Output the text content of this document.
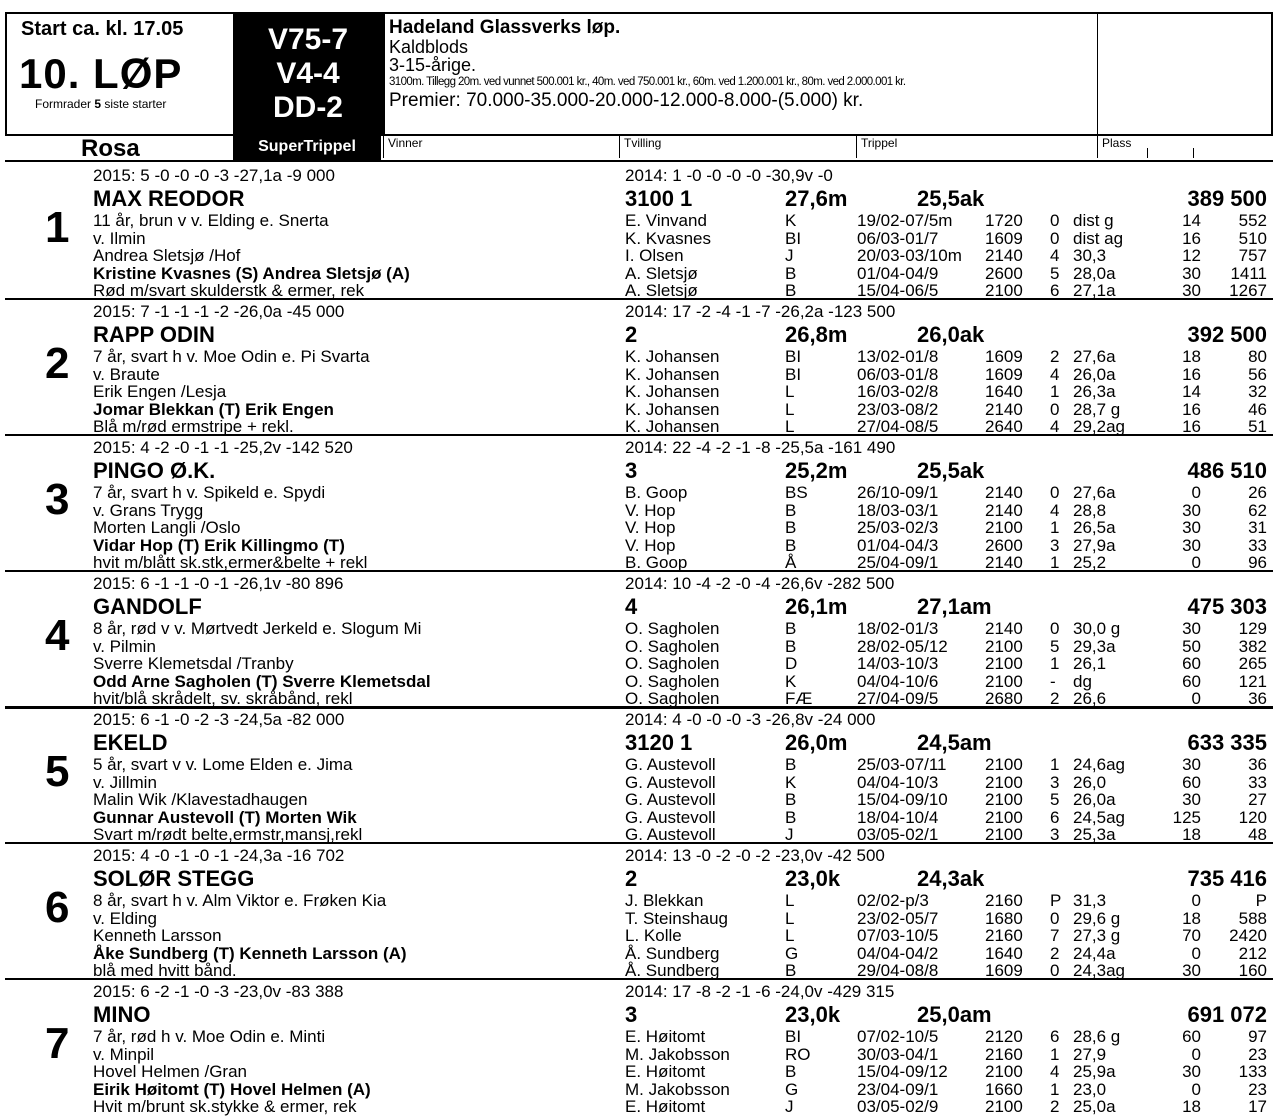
Start ca. kl. 17.05
10. LØP
Formrader 5 siste starter
V75-7
V4-4
DD-2
Hadeland Glassverks løp.
Kaldblods
3-15-årige.
3100m. Tillegg 20m. ved vunnet 500.001 kr., 40m. ved 750.001 kr., 60m. ved 1.200.001 kr., 80m. ved 2.000.001 kr.
Premier: 70.000-35.000-20.000-12.000-8.000-(5.000) kr.
Rosa	SuperTrippel	Vinner	Tvilling	Trippel	Plass
1
2015: 5 -0 -0 -0 -3 -27,1a -9 000	2014: 1 -0 -0 -0 -0 -30,9v -0
MAX REODOR	3100 1	27,6m	25,5ak	389 500
11 år, brun v v. Elding e. Snerta
v. Ilmin
Andrea Sletsjø /Hof
Kristine Kvasnes (S) Andrea Sletsjø (A)
Rød m/svart skulderstk & ermer, rek
E. Vinvand	K	19/02-07/5m 1720 0 dist g	14	552
K. Kvasnes	BI	06/03-01/7	1609 0 dist ag	16	510
I. Olsen	J	20/03-03/10m 2140 4 30,3	12	757
A. Sletsjø	B	01/04-04/9	2600 5 28,0a	30	1411
A. Sletsjø	B	15/04-06/5	2100 6 27,1a	30	1267
2
2015: 7 -1 -1 -1 -2 -26,0a -45 000	2014: 17 -2 -4 -1 -7 -26,2a -123 500
RAPP ODIN	2	26,8m	26,0ak	392 500
7 år, svart h v. Moe Odin e. Pi Svarta
v. Braute
Erik Engen /Lesja
Jomar Blekkan (T) Erik Engen
Blå m/rød ermstripe + rekl.
K. Johansen	BI	13/02-01/8	1609 2 27,6a	18	80
K. Johansen	BI	06/03-01/8	1609 4 26,0a	16	56
K. Johansen	L	16/03-02/8	1640 1 26,3a	14	32
K. Johansen	L	23/03-08/2	2140 0 28,7 g	16	46
K. Johansen	L	27/04-08/5	2640 4 29,2ag	16	51
3
2015: 4 -2 -0 -1 -1 -25,2v -142 520	2014: 22 -4 -2 -1 -8 -25,5a -161 490
PINGO Ø.K.	3	25,2m	25,5ak	486 510
7 år, svart h v. Spikeld e. Spydi
v. Grans Trygg
Morten Langli /Oslo
Vidar Hop (T) Erik Killingmo (T)
hvit m/blått sk.stk,ermer&belte + rekl
B. Goop	BS	26/10-09/1	2140 0 27,6a	0	26
V. Hop	B	18/03-03/1	2140 4 28,8	30	62
V. Hop	B	25/03-02/3	2100 1 26,5a	30	31
V. Hop	B	01/04-04/3	2600 3 27,9a	30	33
B. Goop	Å	25/04-09/1	2140 1 25,2	0	96
4
2015: 6 -1 -1 -0 -1 -26,1v -80 896	2014: 10 -4 -2 -0 -4 -26,6v -282 500
GANDOLF	4	26,1m	27,1am	475 303
8 år, rød v v. Mørtvedt Jerkeld e. Slogum Mi
v. Pilmin
Sverre Klemetsdal /Tranby
Odd Arne Sagholen (T) Sverre Klemetsdal
hvit/blå skrådelt, sv. skråbånd, rekl
O. Sagholen	B	18/02-01/3	2140 0 30,0 g	30	129
O. Sagholen	B	28/02-05/12 2100 5 29,3a	50	382
O. Sagholen	D	14/03-10/3	2100 1 26,1	60	265
O. Sagholen	K	04/04-10/6	2100 - dg	60	121
O. Sagholen	FÆ	27/04-09/5	2680 2 26,6	0	36
5
2015: 6 -1 -0 -2 -3 -24,5a -82 000	2014: 4 -0 -0 -0 -3 -26,8v -24 000
EKELD	3120 1	26,0m	24,5am	633 335
5 år, svart v v. Lome Elden e. Jima
v. Jillmin
Malin Wik /Klavestadhaugen
Gunnar Austevoll (T) Morten Wik
Svart m/rødt belte,ermstr,mansj,rekl
G. Austevoll	B	25/03-07/11 2100 1 24,6ag	30	36
G. Austevoll	K	04/04-10/3	2100 3 26,0	60	33
G. Austevoll	B	15/04-09/10 2100 5 26,0a	30	27
G. Austevoll	B	18/04-10/4	2100 6 24,5ag	125	120
G. Austevoll	J	03/05-02/1	2100 3 25,3a	18	48
6
2015: 4 -0 -1 -0 -1 -24,3a -16 702	2014: 13 -0 -2 -0 -2 -23,0v -42 500
SOLØR STEGG	2	23,0k	24,3ak	735 416
8 år, svart h v. Alm Viktor e. Frøken Kia
v. Elding
Kenneth Larsson
Åke Sundberg (T) Kenneth Larsson (A)
blå med hvitt bånd.
J. Blekkan	L	02/02-p/3	2160 P 31,3	0	P
T. Steinshaug	L	23/02-05/7	1680 0 29,6 g	18	588
L. Kolle	L	07/03-10/5	2160 7 27,3 g	70	2420
Å. Sundberg	G	04/04-04/2	1640 2 24,4a	0	212
Å. Sundberg	B	29/04-08/8	1609 0 24,3ag	30	160
7
2015: 6 -2 -1 -0 -3 -23,0v -83 388	2014: 17 -8 -2 -1 -6 -24,0v -429 315
MINO	3	23,0k	25,0am	691 072
7 år, rød h v. Moe Odin e. Minti
v. Minpil
Hovel Helmen /Gran
Eirik Høitomt (T) Hovel Helmen (A)
Hvit m/brunt sk.stykke & ermer, rek
E. Høitomt	BI	07/02-10/5	2120 6 28,6 g	60	97
M. Jakobsson	RO	30/03-04/1	2160 1 27,9	0	23
E. Høitomt	B	15/04-09/12 2100 4 25,9a	30	133
M. Jakobsson	G	23/04-09/1	1660 1 23,0	0	23
E. Høitomt	J	03/05-02/9	2100 2 25,0a	18	17
